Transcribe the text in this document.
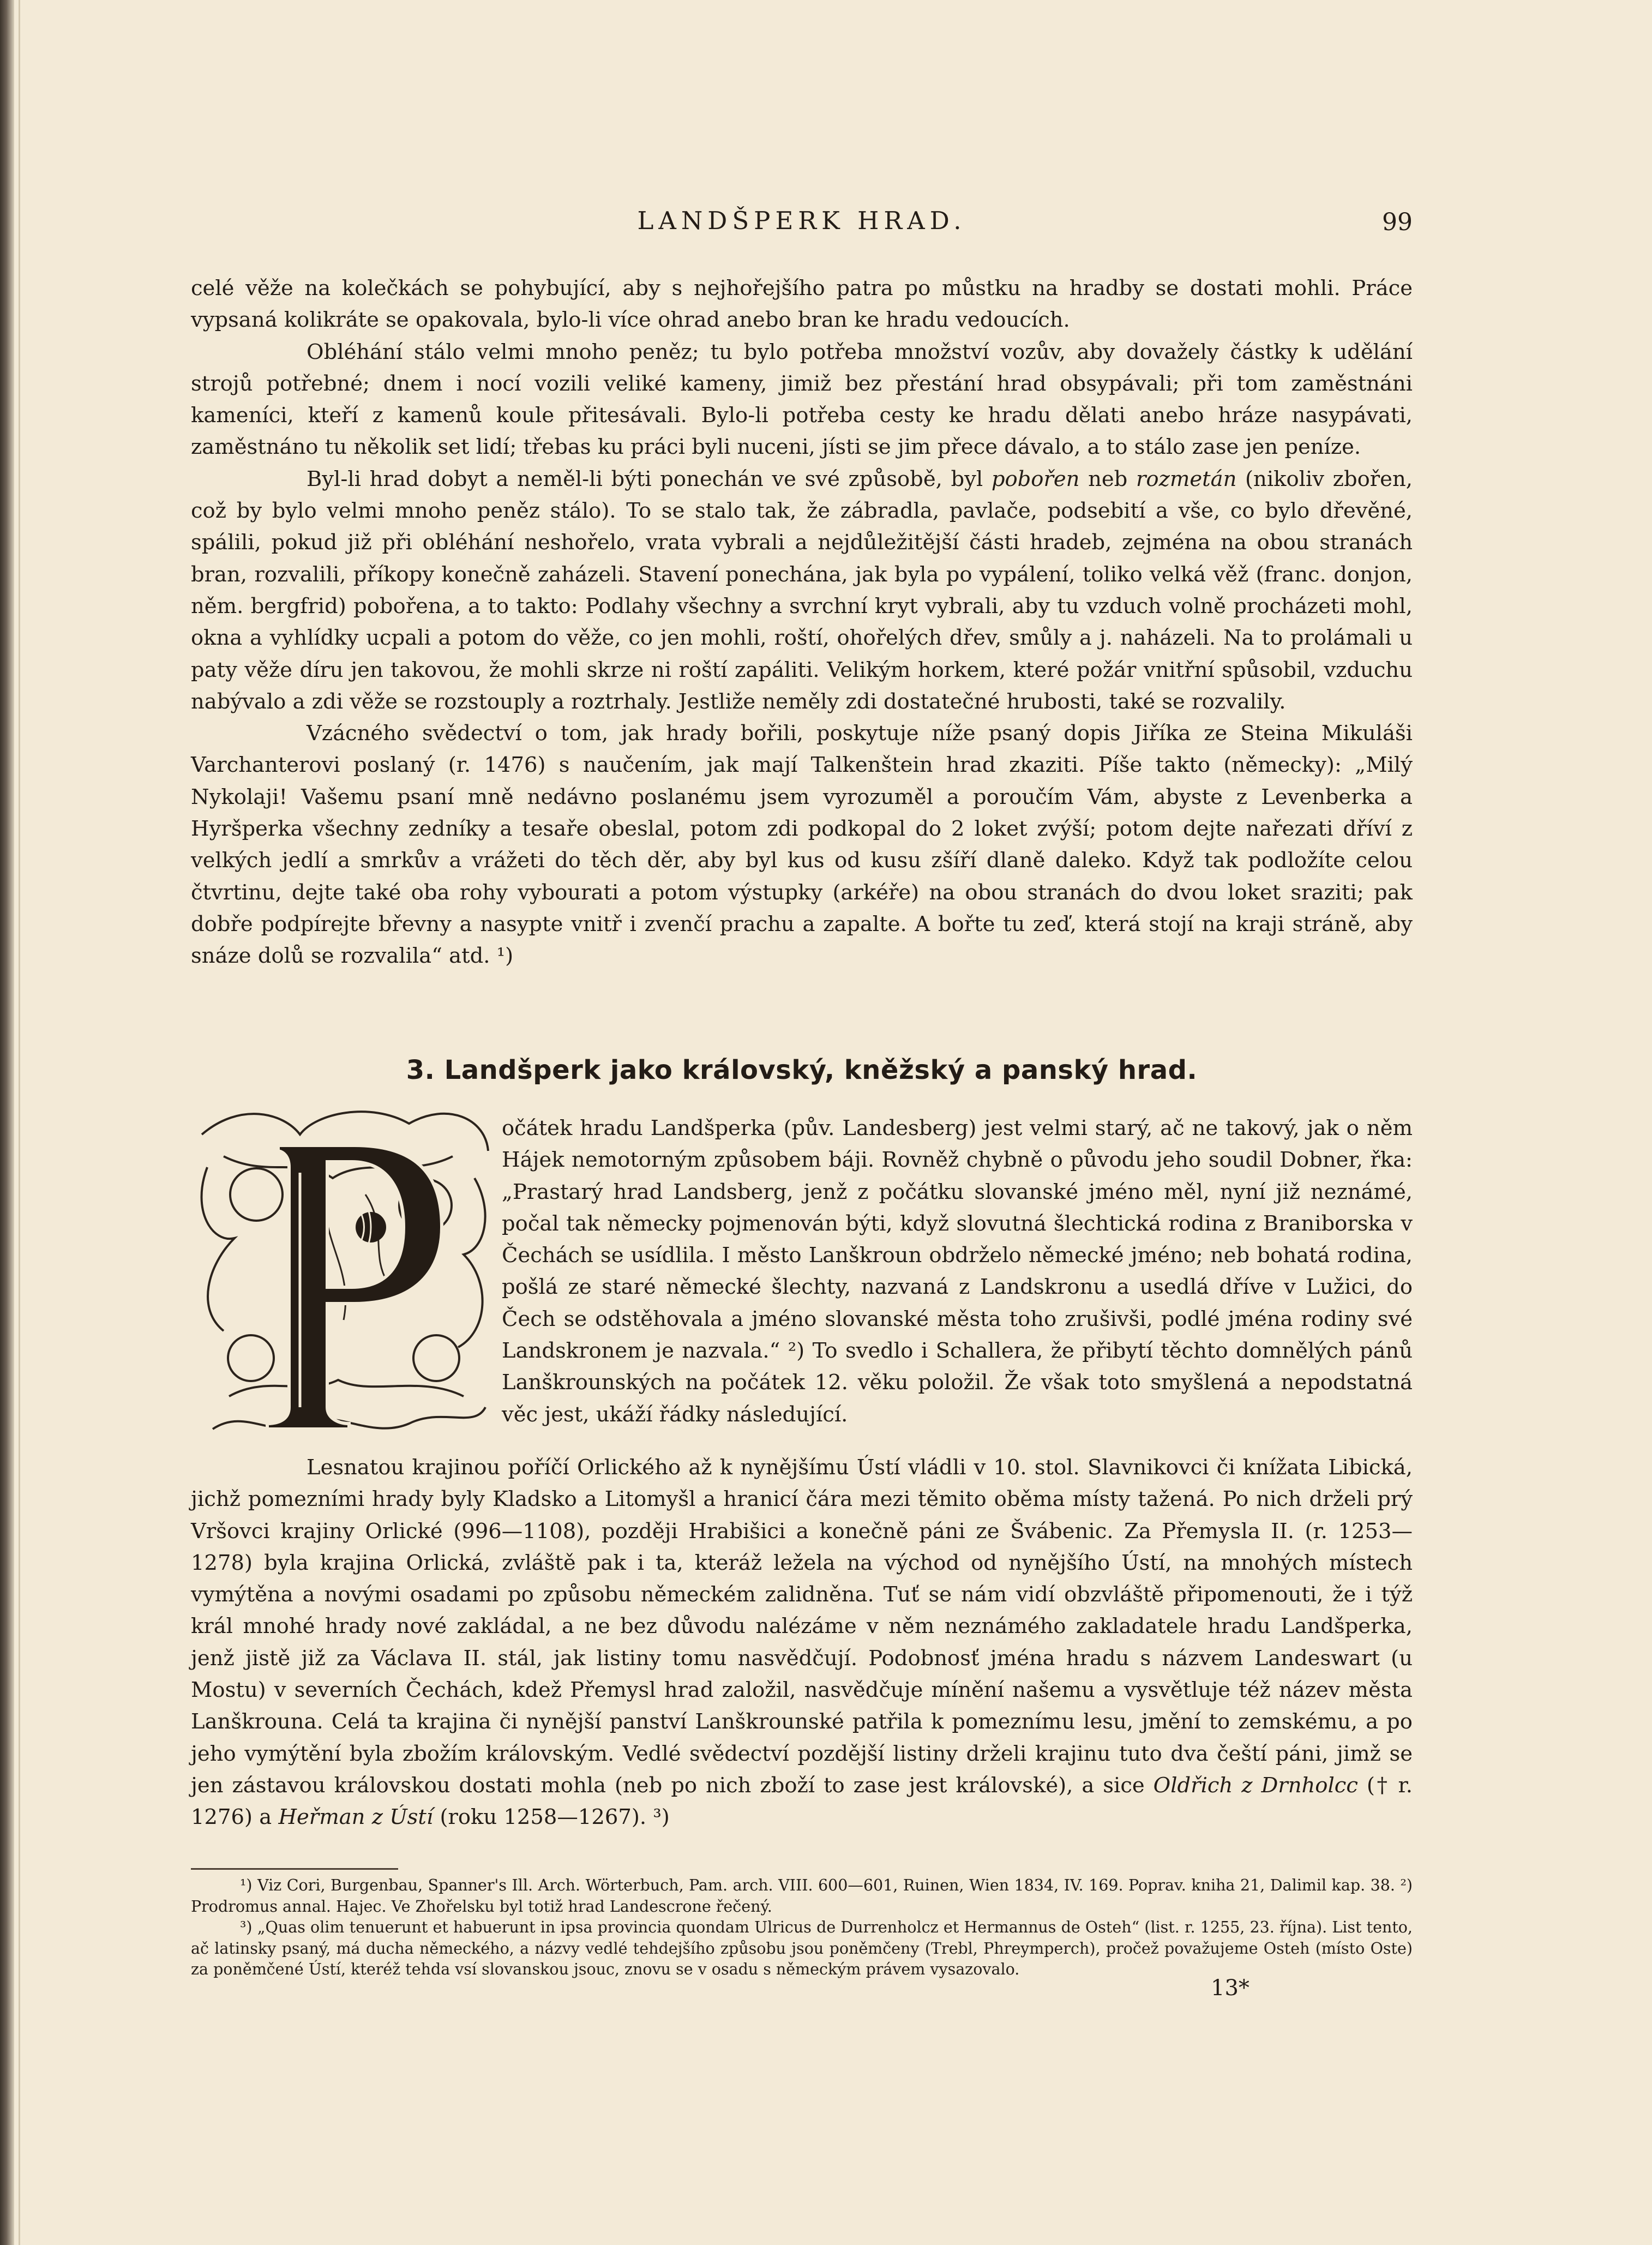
LANDŠPERK HRAD.	99

celé věže na kolečkách se pohybující, aby s nejhořejšího patra po můstku na hradby se dostati mohli. Práce vypsaná kolikráte se opakovala, bylo-li více ohrad anebo bran ke hradu vedoucích.

Obléhání stálo velmi mnoho peněz; tu bylo potřeba množství vozův, aby dovažely částky k udělání strojů potřebné; dnem i nocí vozili veliké kameny, jimiž bez přestání hrad obsypávali; při tom zaměstnáni kameníci, kteří z kamenů koule přitesávali. Bylo-li potřeba cesty ke hradu dělati anebo hráze nasypávati, zaměstnáno tu několik set lidí; třebas ku práci byli nuceni, jísti se jim přece dávalo, a to stálo zase jen peníze.

Byl-li hrad dobyt a neměl-li býti ponechán ve své způsobě, byl pobořen neb rozmetán (nikoliv zbořen, což by bylo velmi mnoho peněz stálo). To se stalo tak, že zábradla, pavlače, podsebití a vše, co bylo dřevěné, spálili, pokud již při obléhání neshořelo, vrata vybrali a nejdůležitější části hradeb, zejména na obou stranách bran, rozvalili, příkopy konečně zaházeli. Stavení ponechána, jak byla po vypálení, toliko velká věž (franc. donjon, něm. bergfrid) pobořena, a to takto: Podlahy všechny a svrchní kryt vybrali, aby tu vzduch volně procházeti mohl, okna a vyhlídky ucpali a potom do věže, co jen mohli, roští, ohořelých dřev, smůly a j. naházeli. Na to prolámali u paty věže díru jen takovou, že mohli skrze ni roští zapáliti. Velikým horkem, které požár vnitřní spůsobil, vzduchu nabývalo a zdi věže se rozstouply a roztrhaly. Jestliže neměly zdi dostatečné hrubosti, také se rozvalily.

Vzácného svědectví o tom, jak hrady bořili, poskytuje níže psaný dopis Jiříka ze Steina Mikuláši Varchanterovi poslaný (r. 1476) s naučením, jak mají Talkenštein hrad zkaziti. Píše takto (německy): „Milý Nykolaji! Vašemu psaní mně nedávno poslanému jsem vyrozuměl a poroučím Vám, abyste z Levenberka a Hyršperka všechny zedníky a tesaře obeslal, potom zdi podkopal do 2 loket zvýší; potom dejte nařezati dříví z velkých jedlí a smrkův a vrážeti do těch děr, aby byl kus od kusu zšíří dlaně daleko. Když tak podložíte celou čtvrtinu, dejte také oba rohy vybourati a potom výstupky (arkéře) na obou stranách do dvou loket sraziti; pak dobře podpírejte břevny a nasypte vnitř i zvenčí prachu a zapalte. A bořte tu zeď, která stojí na kraji stráně, aby snáze dolů se rozvalila“ atd. ¹)

3. Landšperk jako královský, kněžský a panský hrad.

očátek hradu Landšperka (pův. Landesberg) jest velmi starý, ač ne takový, jak o něm Hájek nemotorným způsobem báji. Rovněž chybně o původu jeho soudil Dobner, řka: „Prastarý hrad Landsberg, jenž z počátku slovanské jméno měl, nyní již neznámé, počal tak německy pojmenován býti, když slovutná šlechtická rodina z Braniborska v Čechách se usídlila. I město Lanškroun obdrželo německé jméno; neb bohatá rodina, pošlá ze staré německé šlechty, nazvaná z Landskronu a usedlá dříve v Lužici, do Čech se odstěhovala a jméno slovanské města toho zrušivši, podlé jména rodiny své Landskronem je nazvala.“ ²) To svedlo i Schallera, že přibytí těchto domnělých pánů Lanškrounských na počátek 12. věku položil. Že však toto smyšlená a nepodstatná věc jest, ukáží řádky následující.

Lesnatou krajinou poříčí Orlického až k nynějšímu Ústí vládli v 10. stol. Slavnikovci či knížata Libická, jichž pomezními hrady byly Kladsko a Litomyšl a hranicí čára mezi těmito oběma místy tažená. Po nich drželi prý Vršovci krajiny Orlické (996—1108), později Hrabišici a konečně páni ze Švábenic. Za Přemysla II. (r. 1253—1278) byla krajina Orlická, zvláště pak i ta, kteráž ležela na východ od nynějšího Ústí, na mnohých místech vymýtěna a novými osadami po způsobu německém zalidněna. Tuť se nám vidí obzvláště připomenouti, že i týž král mnohé hrady nové zakládal, a ne bez důvodu nalézáme v něm neznámého zakladatele hradu Landšperka, jenž jistě již za Václava II. stál, jak listiny tomu nasvědčují. Podobnosť jména hradu s názvem Landeswart (u Mostu) v severních Čechách, kdež Přemysl hrad založil, nasvědčuje mínění našemu a vysvětluje též název města Lanškrouna. Celá ta krajina či nynější panství Lanškrounské patřila k pomeznímu lesu, jmění to zemskému, a po jeho vymýtění byla zbožím královským. Vedlé svědectví pozdější listiny drželi krajinu tuto dva čeští páni, jimž se jen zástavou královskou dostati mohla (neb po nich zboží to zase jest královské), a sice Oldřich z Drnholcc († r. 1276) a Heřman z Ústí (roku 1258—1267). ³)

¹) Viz Cori, Burgenbau, Spanner's Ill. Arch. Wörterbuch, Pam. arch. VIII. 600—601, Ruinen, Wien 1834, IV. 169. Poprav. kniha 21, Dalimil kap. 38. ²) Prodromus annal. Hajec. Ve Zhořelsku byl totiž hrad Landescrone řečený.

³) „Quas olim tenuerunt et habuerunt in ipsa provincia quondam Ulricus de Durrenholcz et Hermannus de Osteh“ (list. r. 1255, 23. října). List tento, ač latinsky psaný, má ducha německého, a názvy vedlé tehdejšího způsobu jsou poněmčeny (Trebl, Phreymperch), pročež považujeme Osteh (místo Oste) za poněmčené Ústí, kteréž tehda vsí slovanskou jsouc, znovu se v osadu s německým právem vysazovalo.

13*
